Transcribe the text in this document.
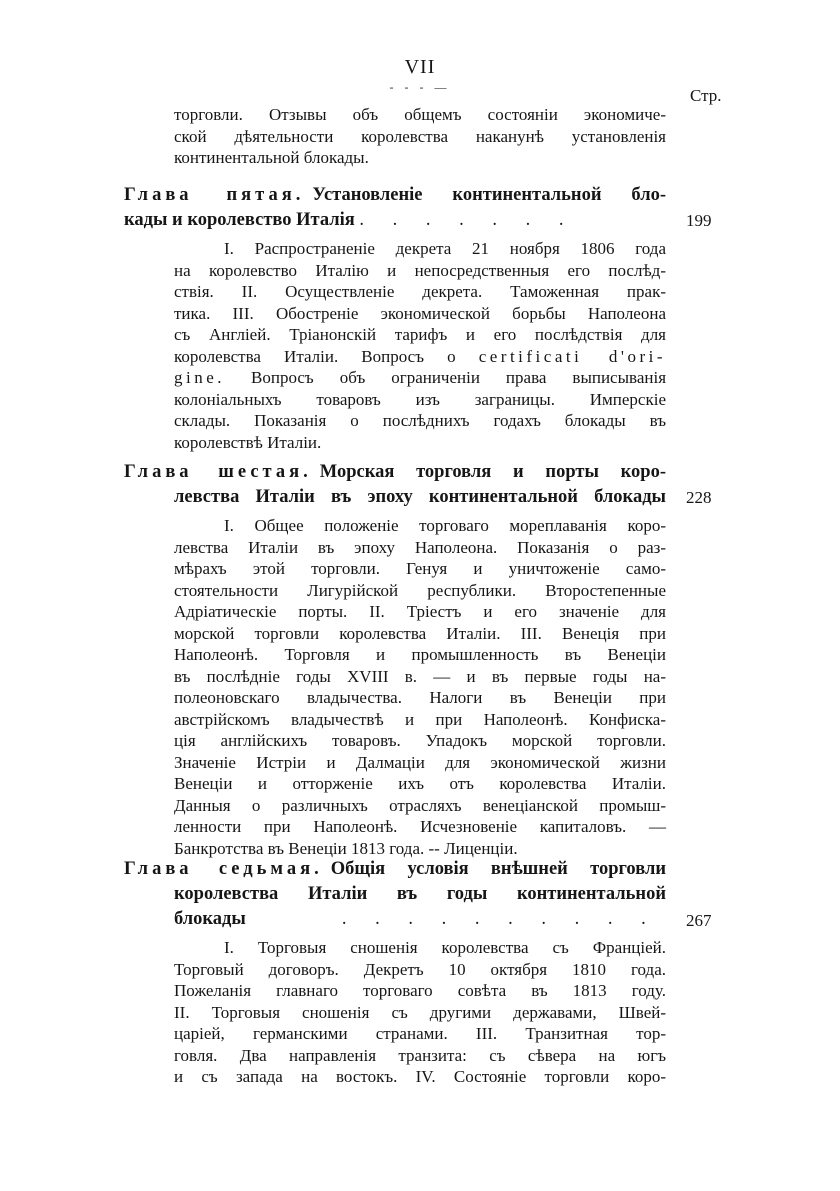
VII
- - - —	Стр.
торговли. Отзывы объ общемъ состоянiи экономиче-
ской дѣятельности королевства наканунѣ установленiя
континентальной блокады.
Глава пятая. Установленiе континентальной бло-
кады и королевство Италiя . . . . . . .	199
I. Распространенiе декрета 21 ноября 1806 года
на королевство Италiю и непосредственныя его послѣд-
ствiя. II. Осуществленiе декрета. Таможенная прак-
тика. III. Обостренiе экономической борьбы Наполеона
съ Англiей. Трiанонскiй тарифъ и его послѣдствiя для
королевства Италiи. Вопросъ о certificati d'ori-
gine. Вопросъ объ ограниченiи права выписыванiя
колонiальныхъ товаровъ изъ заграницы. Имперскiе
склады. Показанiя о послѣднихъ годахъ блокады въ
королевствѣ Италiи.
Глава шестая. Морская торговля и порты коро-
левства Италiи въ эпоху континентальной блокады 228
I. Общее положенiе торговаго мореплаванiя коро-
левства Италiи въ эпоху Наполеона. Показанiя о раз-
мѣрахъ этой торговли. Генуя и уничтоженiе само-
стоятельности Лигурiйской республики. Второстепенные
Адрiатическiе порты. II. Трiестъ и его значенiе для
морской торговли королевства Италiи. III. Венецiя при
Наполеонѣ. Торговля и промышленность въ Венецiи
въ послѣднiе годы XVIII в. — и въ первые годы на-
полеоновскаго владычества. Налоги въ Венецiи при
австрiйскомъ владычествѣ и при Наполеонѣ. Конфиска-
цiя англiйскихъ товаровъ. Упадокъ морской торговли.
Значенiе Истрiи и Далмацiи для экономической жизни
Венецiи и отторженiе ихъ отъ королевства Италiи.
Данныя о различныхъ отрасляхъ венецiанской промыш-
ленности при Наполеонѣ. Исчезновенiе капиталовъ. —
Банкротства въ Венецiи 1813 года. -- Лиценцiи.
Глава седьмая. Общiя условiя внѣшней торговли
королевства Италiи въ годы континентальной
блокады	. . . . . . . . . .	267
I. Торговыя сношенiя королевства съ Францiей.
Торговый договоръ. Декретъ 10 октября 1810 года.
Пожеланiя главнаго торговаго совѣта въ 1813 году.
II. Торговыя сношенiя съ другими державами, Швей-
царiей, германскими странами. III. Транзитная тор-
говля. Два направленiя транзита: съ сѣвера на югъ
и съ запада на востокъ. IV. Состоянiе торговли коро-
